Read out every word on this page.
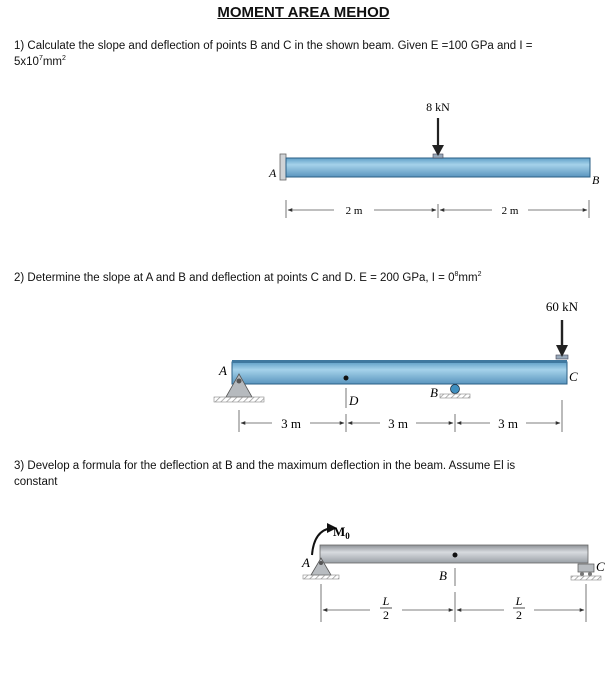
MOMENT AREA MEHOD
1) Calculate the slope and deflection of points B and C in the shown beam. Given E =100 GPa and I =
$5x10^7mm^2$
2) Determine the slope at A and B and deflection at points C and D. E = 200 GPa, $I = 0^8mm^2$
3) Develop a formula for the deflection at B and the maximum deflection in the beam. Assume El is
constant
8 kN
A	B
2 m	2 m
60 kN
A	C
D
B
3 m	3 m	3 m
$M_0$
A	C
B
L
2
L
2
